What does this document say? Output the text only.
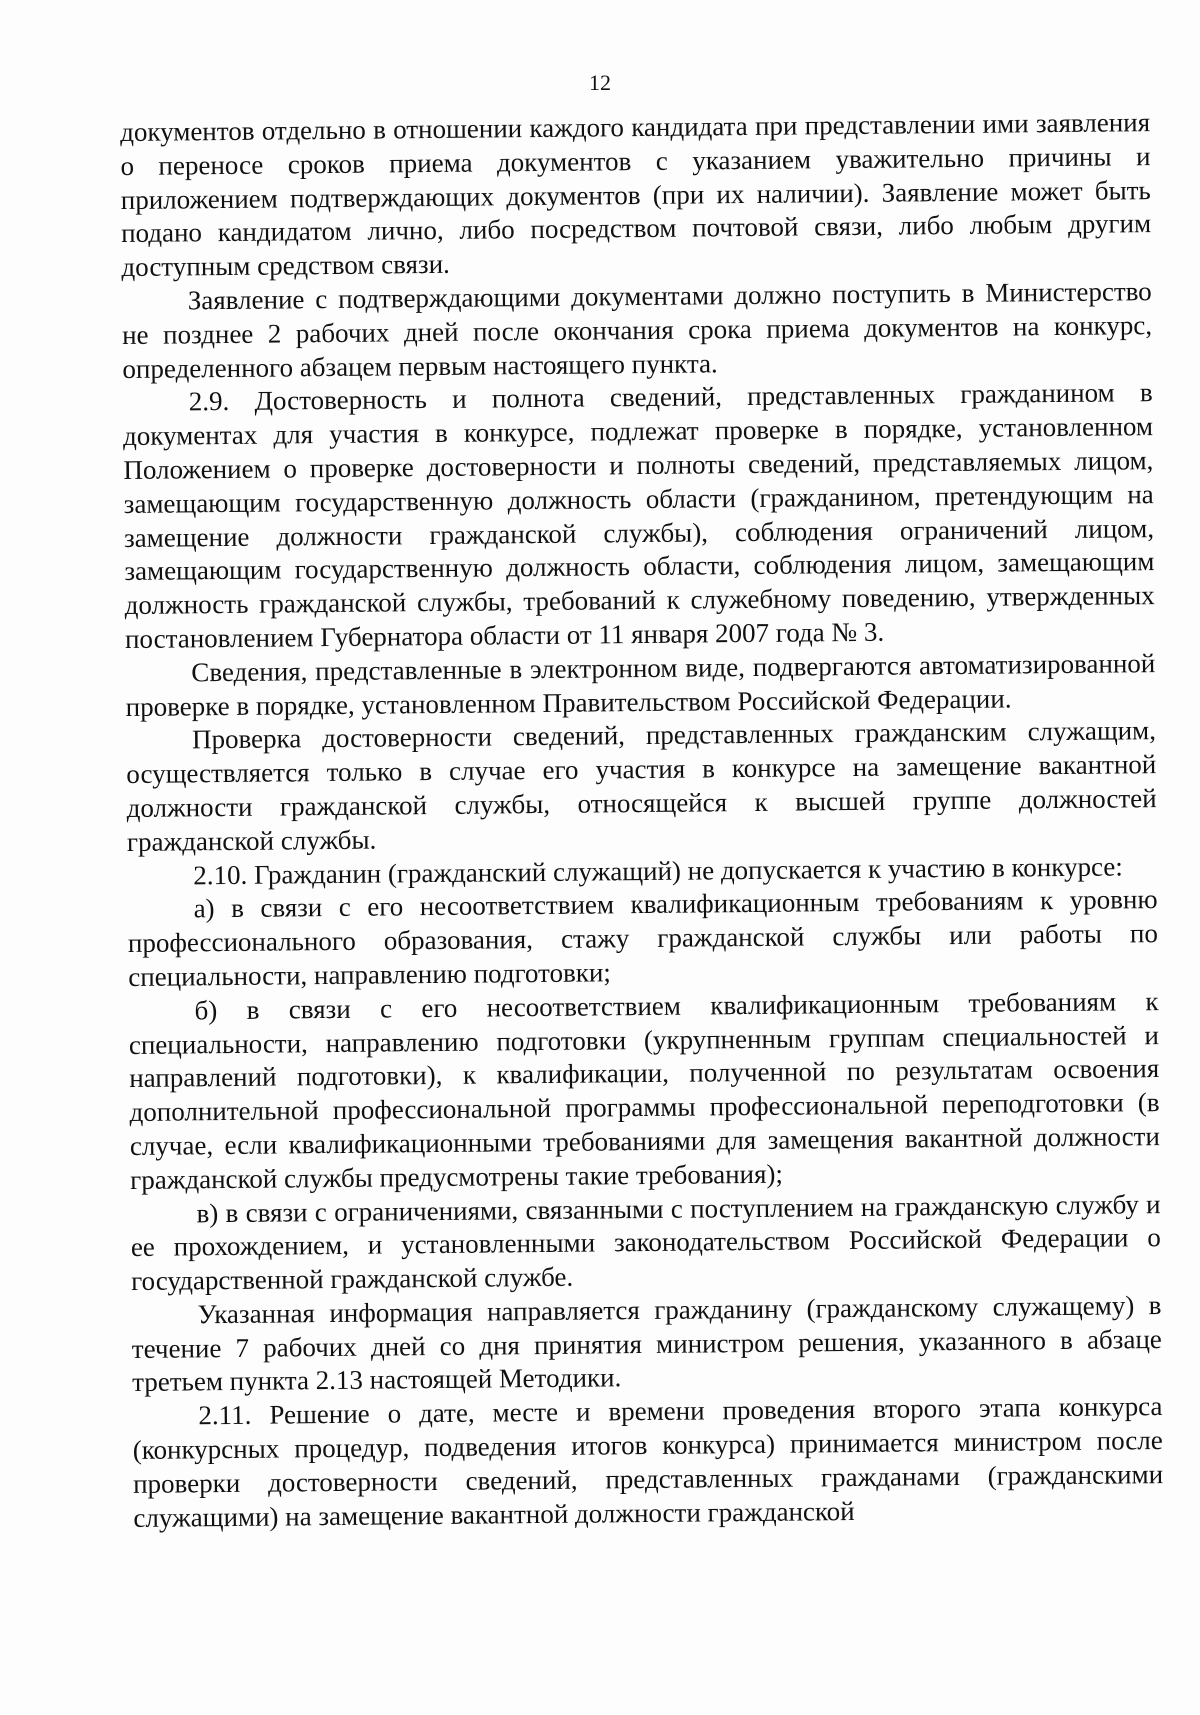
12

документов отдельно в отношении каждого кандидата при представлении ими заявления о переносе сроков приема документов с указанием уважительно причины и приложением подтверждающих документов (при их наличии). Заявление может быть подано кандидатом лично, либо посредством почтовой связи, либо любым другим доступным средством связи.

Заявление с подтверждающими документами должно поступить в Министерство не позднее 2 рабочих дней после окончания срока приема документов на конкурс, определенного абзацем первым настоящего пункта.

2.9. Достоверность и полнота сведений, представленных гражданином в документах для участия в конкурсе, подлежат проверке в порядке, установленном Положением о проверке достоверности и полноты сведений, представляемых лицом, замещающим государственную должность области (гражданином, претендующим на замещение должности гражданской службы), соблюдения ограничений лицом, замещающим государственную должность области, соблюдения лицом, замещающим должность гражданской службы, требований к служебному поведению, утвержденных постановлением Губернатора области от 11 января 2007 года № 3.

Сведения, представленные в электронном виде, подвергаются автоматизированной проверке в порядке, установленном Правительством Российской Федерации.

Проверка достоверности сведений, представленных гражданским служащим, осуществляется только в случае его участия в конкурсе на замещение вакантной должности гражданской службы, относящейся к высшей группе должностей гражданской службы.

2.10. Гражданин (гражданский служащий) не допускается к участию в конкурсе:

а) в связи с его несоответствием квалификационным требованиям к уровню профессионального образования, стажу гражданской службы или работы по специальности, направлению подготовки;

б) в связи с его несоответствием квалификационным требованиям к специальности, направлению подготовки (укрупненным группам специальностей и направлений подготовки), к квалификации, полученной по результатам освоения дополнительной профессиональной программы профессиональной переподготовки (в случае, если квалификационными требованиями для замещения вакантной должности гражданской службы предусмотрены такие требования);

в) в связи с ограничениями, связанными с поступлением на гражданскую службу и ее прохождением, и установленными законодательством Российской Федерации о государственной гражданской службе.

Указанная информация направляется гражданину (гражданскому служащему) в течение 7 рабочих дней со дня принятия министром решения, указанного в абзаце третьем пункта 2.13 настоящей Методики.

2.11. Решение о дате, месте и времени проведения второго этапа конкурса (конкурсных процедур, подведения итогов конкурса) принимается министром после проверки достоверности сведений, представленных гражданами (гражданскими служащими) на замещение вакантной должности гражданской
